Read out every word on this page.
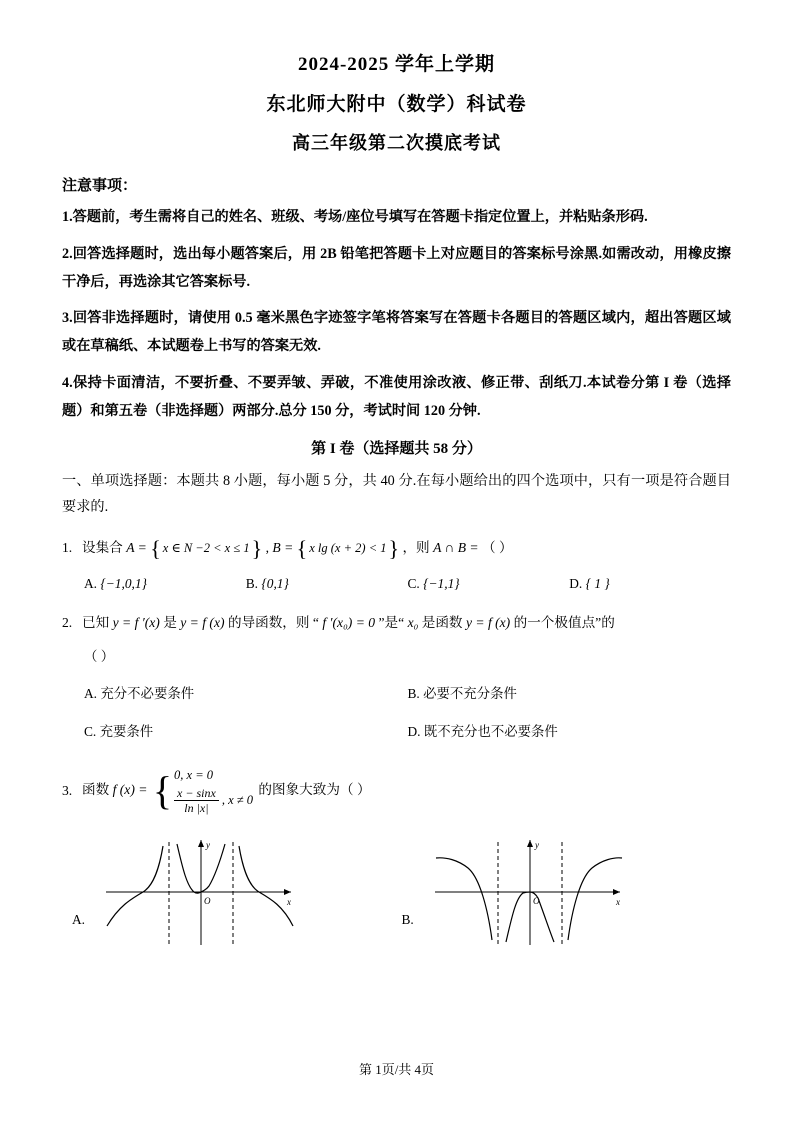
2024-2025 学年上学期
东北师大附中（数学）科试卷
高三年级第二次摸底考试
注意事项：
1.答题前，考生需将自己的姓名、班级、考场/座位号填写在答题卡指定位置上，并粘贴条形码.
2.回答选择题时，选出每小题答案后，用 2B 铅笔把答题卡上对应题目的答案标号涂黑.如需改动，用橡皮擦干净后，再选涂其它答案标号.
3.回答非选择题时，请使用 0.5 毫米黑色字迹签字笔将答案写在答题卡各题目的答题区域内，超出答题区域或在草稿纸、本试题卷上书写的答案无效.
4.保持卡面清洁，不要折叠、不要弄皱、弄破，不准使用涂改液、修正带、刮纸刀.本试卷分第 I 卷（选择题）和第五卷（非选择题）两部分.总分 150 分，考试时间 120 分钟.
第 I 卷（选择题共 58 分）
一、单项选择题：本题共 8 小题，每小题 5 分，共 40 分.在每小题给出的四个选项中，只有一项是符合题目要求的.
1. 设集合 A = { x ∈ N −2 < x ≤ 1 } , B = { x lg (x + 2) < 1 } ，则 A ∩ B = （ ）
A. {−1,0,1}	B. {0,1}	C. {−1,1}	D. { 1 }
2. 已知 y = f ′(x) 是 y = f (x) 的导函数，则 “ f ′(x₀) = 0 ”是“ x₀ 是函数 y = f (x) 的一个极值点”的
（ ）
A. 充分不必要条件	B. 必要不充分条件
C. 充要条件	D. 既不充分也不必要条件
3. 函数 f (x) = { 0, x = 0
$\frac{x - \sin x}{\ln |x|}$ , x ≠ 0
的图象大致为（ ）
A.
O	x
y
B.
O	x
y
第 1页/共 4页
